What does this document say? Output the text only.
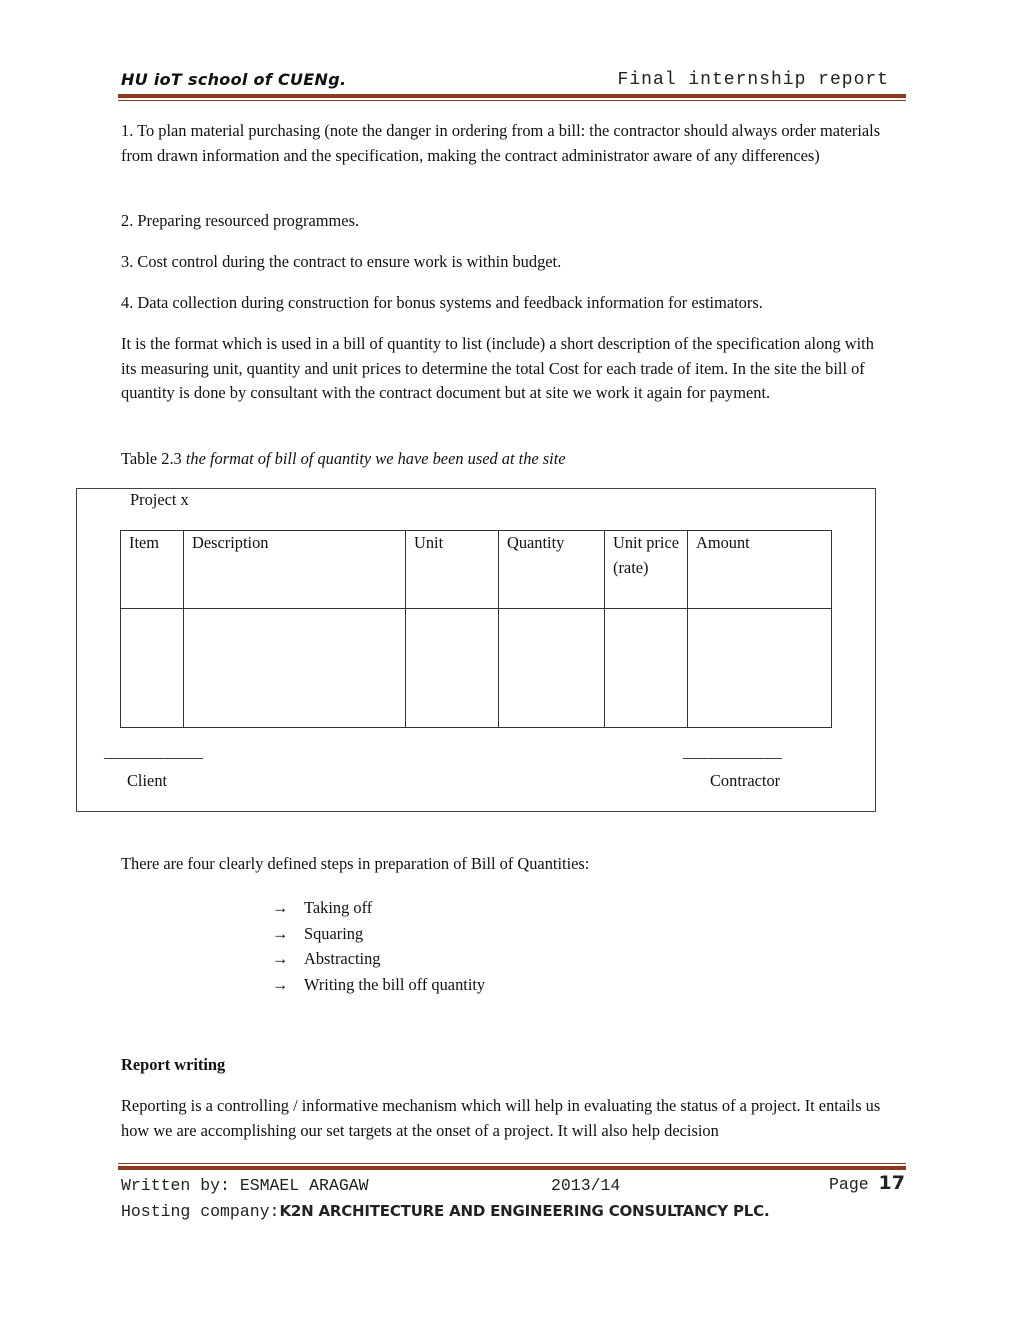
HU ioT school of CUENg.	Final internship report

1. To plan material purchasing (note the danger in ordering from a bill: the contractor should always order materials from drawn information and the specification, making the contract administrator aware of any differences)

2. Preparing resourced programmes.

3. Cost control during the contract to ensure work is within budget.

4. Data collection during construction for bonus systems and feedback information for estimators.

It is the format which is used in a bill of quantity to list (include) a short description of the specification along with its measuring unit, quantity and unit prices to determine the total Cost for each trade of item. In the site the bill of quantity is done by consultant with the contract document but at site we work it again for payment.

Table 2.3 the format of bill of quantity we have been used at the site

Project x
Item	Description	Unit	Quantity	Unit price (rate)	Amount

______________	______________
Client	Contractor

There are four clearly defined steps in preparation of Bill of Quantities:

→ Taking off
→ Squaring
→ Abstracting
→ Writing the bill off quantity
Report writing

Reporting is a controlling / informative mechanism which will help in evaluating the status of a project. It entails us how we are accomplishing our set targets at the onset of a project. It will also help decision

Written by: ESMAEL ARAGAW	2013/14	Page 17
Hosting company:K2N ARCHITECTURE AND ENGINEERING CONSULTANCY PLC.
